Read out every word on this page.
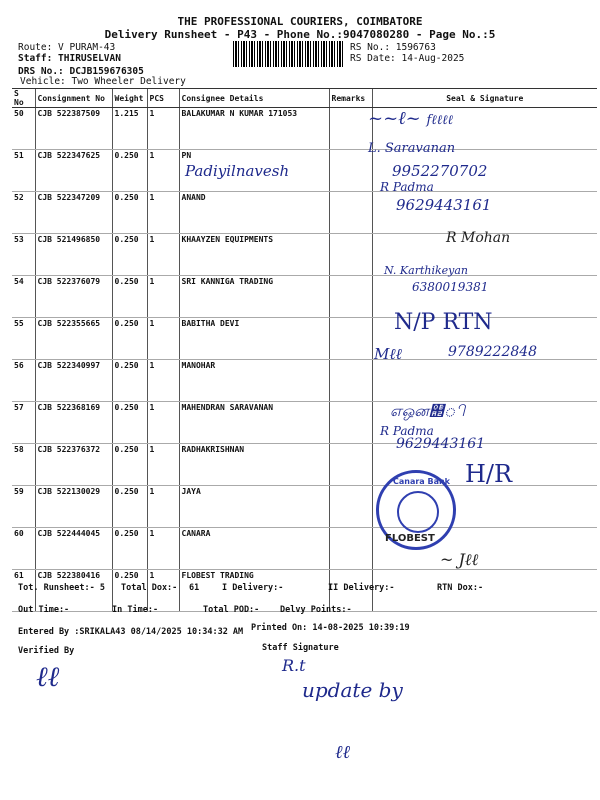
THE PROFESSIONAL COURIERS, COIMBATORE
Delivery Runsheet - P43 - Phone No.:9047080280 - Page No.:5
Route: V PURAM-43
Staff: THIRUSELVAN
DRS No.: DCJB159676305
Vehicle: Two Wheeler Delivery
RS No.: 1596763
RS Date: 14-Aug-2025
S No	Consignment No	Weight	PCS	Consignee Details	Remarks	Seal & Signature
50	CJB 522387509	1.215	1	BALAKUMAR N KUMAR 171053		
51	CJB 522347625	0.250	1	PN		
52	CJB 522347209	0.250	1	ANAND		
53	CJB 521496850	0.250	1	KHAAYZEN EQUIPMENTS		
54	CJB 522376079	0.250	1	SRI KANNIGA TRADING		
55	CJB 522355665	0.250	1	BABITHA DEVI		
56	CJB 522340997	0.250	1	MANOHAR		
57	CJB 522368169	0.250	1	MAHENDRAN SARAVANAN		
58	CJB 522376372	0.250	1	RADHAKRISHNAN		
59	CJB 522130029	0.250	1	JAYA		
60	CJB 522444045	0.250	1	CANARA		
61	CJB 522380416	0.250	1	FLOBEST TRADING		
~~ℓ~ fℓℓℓℓ
Padiyilnavesh
L. Saravanan
9952270702
R Padma
9629443161
R Mohan
N. Karthikeyan
6380019381
N/P RTN
Mℓℓ	9789222848
எஒன஢ி
R Padma
9629443161
H/R
Canara Bank
FLOBEST
~ Jℓℓ
Tot. Runsheet:- 5 Total Dox:- 61	I Delivery:-	II Delivery:-	RTN Dox:-
Out Time:-	In Time:-	Total POD:- Delvy Points:-
Entered By :SRIKALA43 08/14/2025 10:34:32 AM Printed On: 14-08-2025 10:39:19
Verified By	Staff Signature
ℓℓ	R.t
update by
ℓℓ
